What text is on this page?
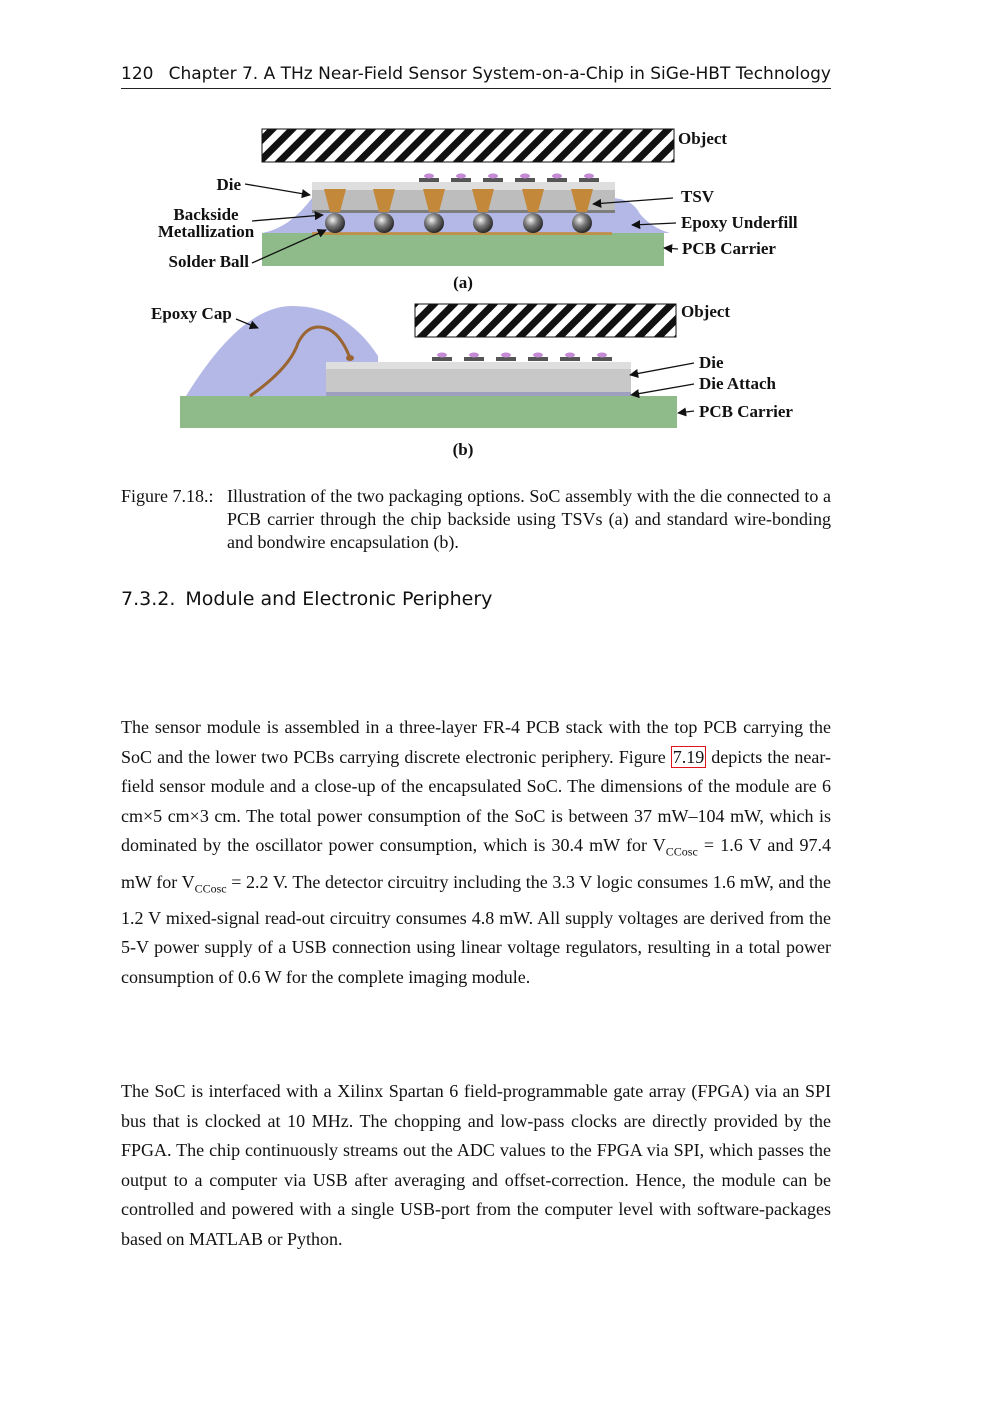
120 Chapter 7. A THz Near-Field Sensor System-on-a-Chip in SiGe-HBT Technology
Object
Die
Backside
Metallization
Solder Ball
TSV
Epoxy Underfill
PCB Carrier
(a)
Epoxy Cap	Object
Die
Die Attach
PCB Carrier
(b)
Figure 7.18.: Illustration of the two packaging options. SoC assembly with the die connected to a PCB carrier through the chip backside using TSVs (a) and standard wire-bonding and bondwire encapsulation (b).
7.3.2. Module and Electronic Periphery

The sensor module is assembled in a three-layer FR-4 PCB stack with the top PCB carrying the SoC and the lower two PCBs carrying discrete electronic periphery. Figure 7.19 depicts the near-field sensor module and a close-up of the encapsulated SoC. The dimensions of the module are 6 cm×5 cm×3 cm. The total power consumption of the SoC is between 37 mW–104 mW, which is dominated by the oscillator power consumption, which is 30.4 mW for $V_{CCosc} = 1.6$ V and 97.4 mW for $V_{CCosc} = 2.2$ V. The detector circuitry including the 3.3 V logic consumes 1.6 mW, and the 1.2 V mixed-signal read-out circuitry consumes 4.8 mW. All supply voltages are derived from the 5-V power supply of a USB connection using linear voltage regulators, resulting in a total power consumption of 0.6 W for the complete imaging module.

The SoC is interfaced with a Xilinx Spartan 6 field-programmable gate array (FPGA) via an SPI bus that is clocked at 10 MHz. The chopping and low-pass clocks are directly provided by the FPGA. The chip continuously streams out the ADC values to the FPGA via SPI, which passes the output to a computer via USB after averaging and offset-correction. Hence, the module can be controlled and powered with a single USB-port from the computer level with software-packages based on MATLAB or Python.
